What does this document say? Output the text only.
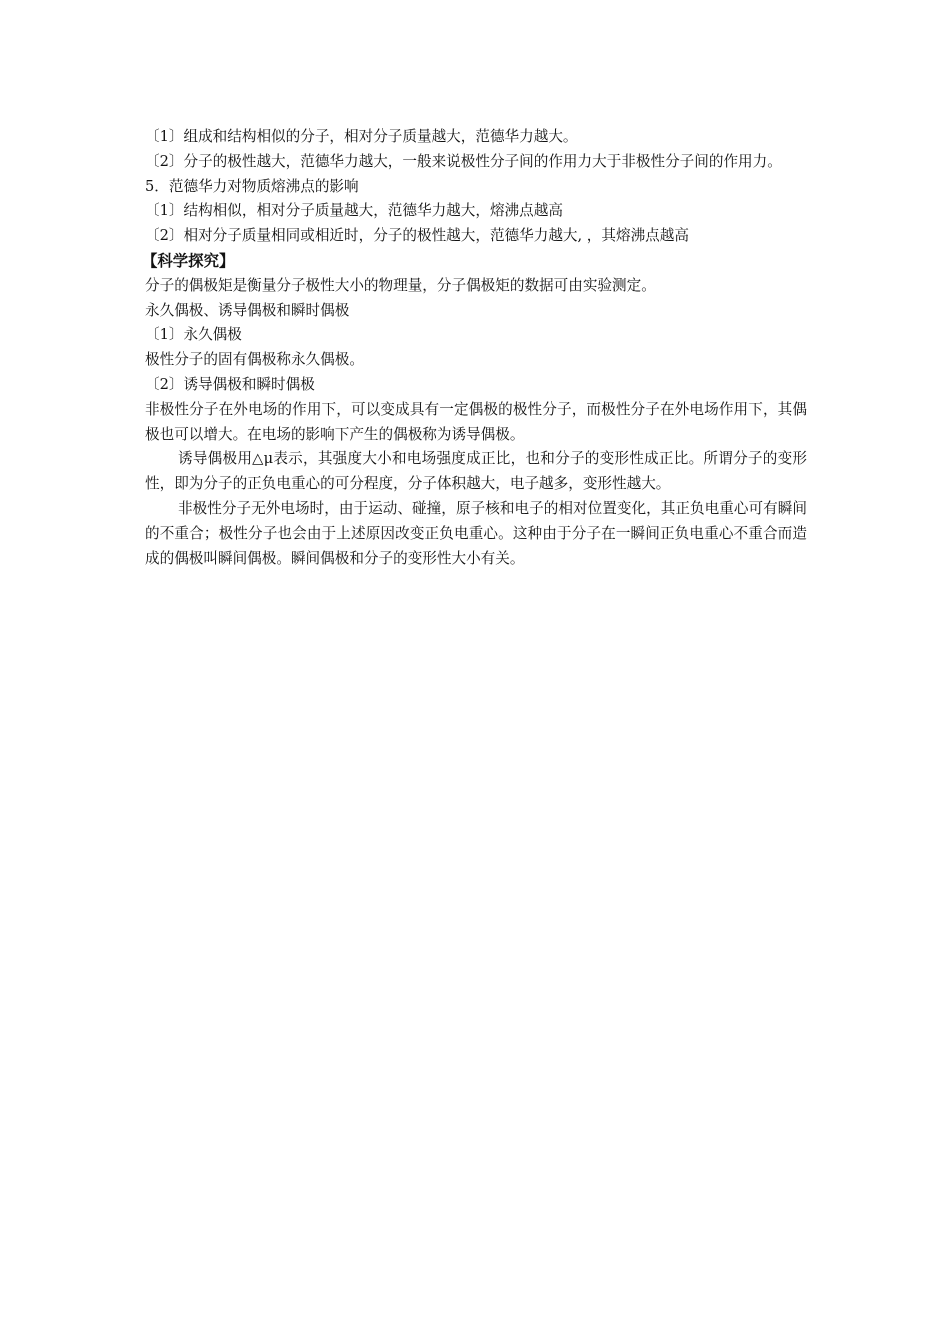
〔1〕组成和结构相似的分子，相对分子质量越大，范德华力越大。

〔2〕分子的极性越大，范德华力越大，一般来说极性分子间的作用力大于非极性分子间的作用力。

5．范德华力对物质熔沸点的影响

〔1〕结构相似，相对分子质量越大，范德华力越大，熔沸点越高

〔2〕相对分子质量相同或相近时，分子的极性越大，范德华力越大, ，其熔沸点越高

【科学探究】

分子的偶极矩是衡量分子极性大小的物理量，分子偶极矩的数据可由实验测定。

永久偶极、诱导偶极和瞬时偶极

〔1〕永久偶极

极性分子的固有偶极称永久偶极。

〔2〕诱导偶极和瞬时偶极

非极性分子在外电场的作用下，可以变成具有一定偶极的极性分子，而极性分子在外电场作用下，其偶极也可以增大。在电场的影响下产生的偶极称为诱导偶极。

诱导偶极用△μ表示，其强度大小和电场强度成正比，也和分子的变形性成正比。所谓分子的变形性，即为分子的正负电重心的可分程度，分子体积越大，电子越多，变形性越大。

非极性分子无外电场时，由于运动、碰撞，原子核和电子的相对位置变化，其正负电重心可有瞬间的不重合；极性分子也会由于上述原因改变正负电重心。这种由于分子在一瞬间正负电重心不重合而造成的偶极叫瞬间偶极。瞬间偶极和分子的变形性大小有关。
